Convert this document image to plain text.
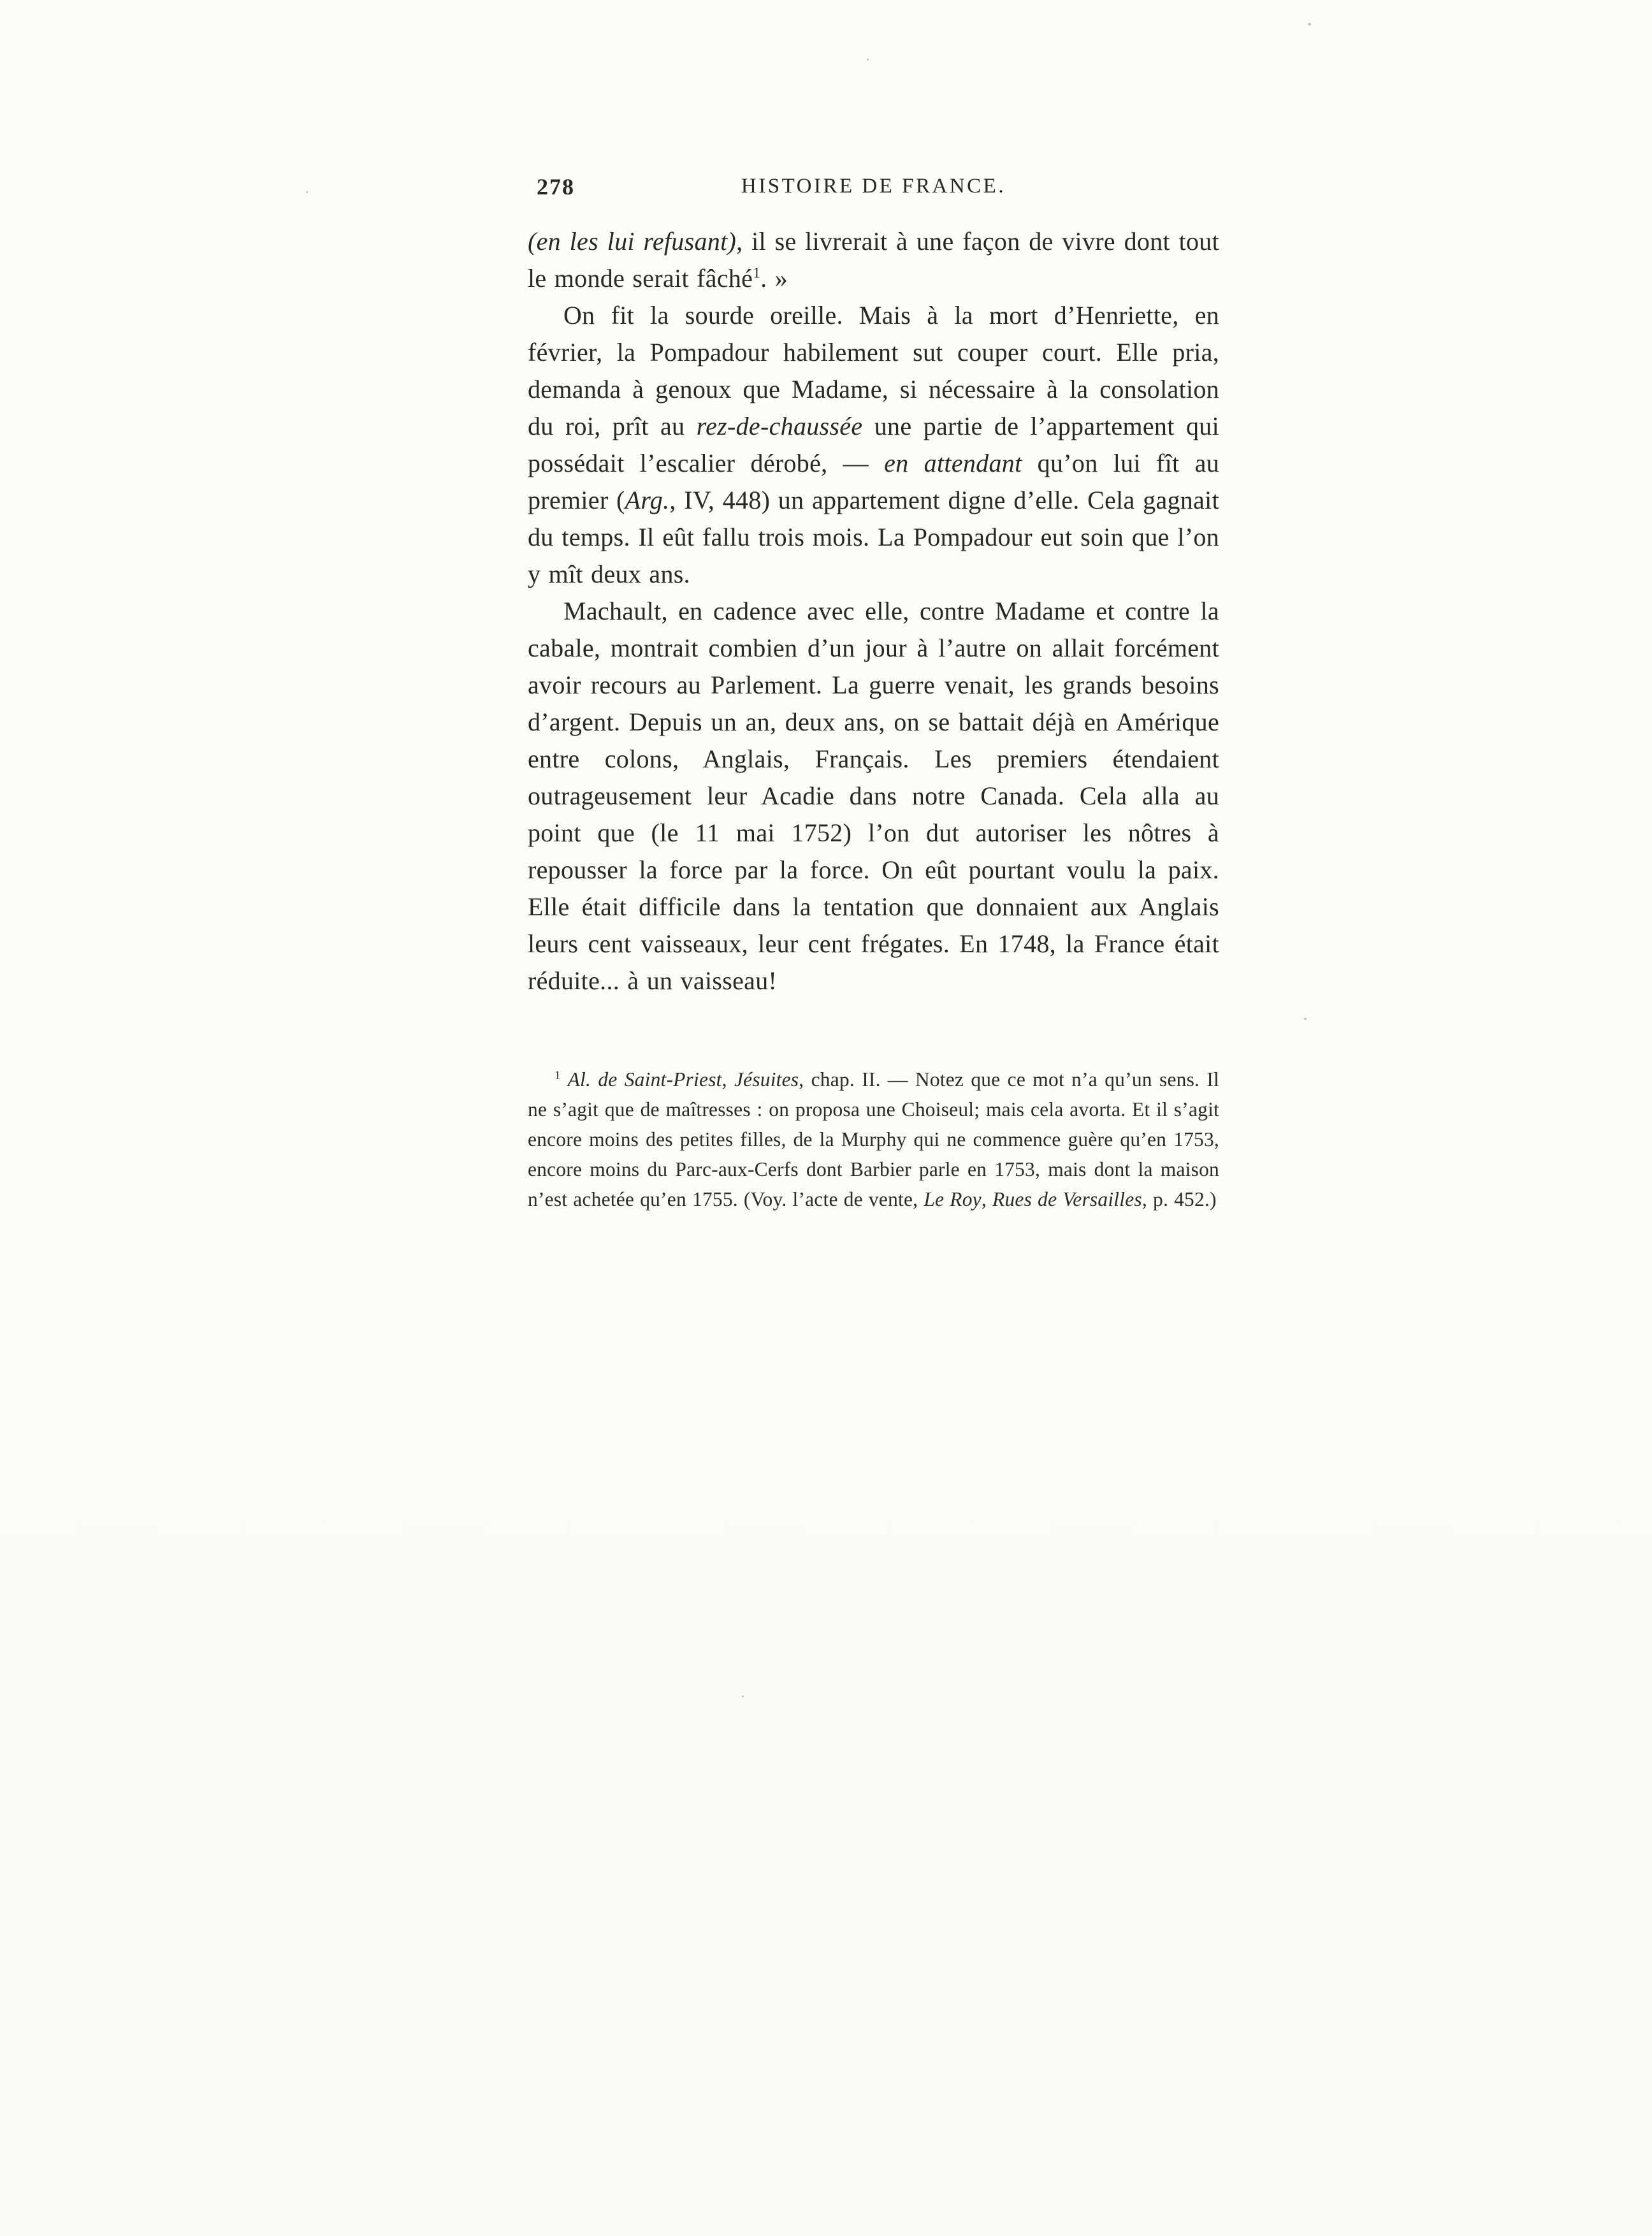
278	HISTOIRE DE FRANCE.

(en les lui refusant), il se livrerait à une façon de vivre dont tout le monde serait fâché$^1$. »

On fit la sourde oreille. Mais à la mort d’Henriette, en février, la Pompadour habilement sut couper court. Elle pria, demanda à genoux que Madame, si nécessaire à la consolation du roi, prît au rez-de-chaussée une partie de l’appartement qui possédait l’escalier dérobé, — en attendant qu’on lui fît au premier (Arg., IV, 448) un appartement digne d’elle. Cela gagnait du temps. Il eût fallu trois mois. La Pompadour eut soin que l’on y mît deux ans.

Machault, en cadence avec elle, contre Madame et contre la cabale, montrait combien d’un jour à l’autre on allait forcément avoir recours au Parlement. La guerre venait, les grands besoins d’argent. Depuis un an, deux ans, on se battait déjà en Amérique entre colons, Anglais, Français. Les premiers étendaient outrageusement leur Acadie dans notre Canada. Cela alla au point que (le 11 mai 1752) l’on dut autoriser les nôtres à repousser la force par la force. On eût pourtant voulu la paix. Elle était difficile dans la tentation que donnaient aux Anglais leurs cent vaisseaux, leur cent frégates. En 1748, la France était réduite... à un vaisseau!

$^1$ Al. de Saint-Priest, Jésuites, chap. II. — Notez que ce mot n’a qu’un sens. Il ne s’agit que de maîtresses : on proposa une Choiseul; mais cela avorta. Et il s’agit encore moins des petites filles, de la Murphy qui ne commence guère qu’en 1753, encore moins du Parc-aux-Cerfs dont Barbier parle en 1753, mais dont la maison n’est achetée qu’en 1755. (Voy. l’acte de vente, Le Roy, Rues de Versailles, p. 452.)
